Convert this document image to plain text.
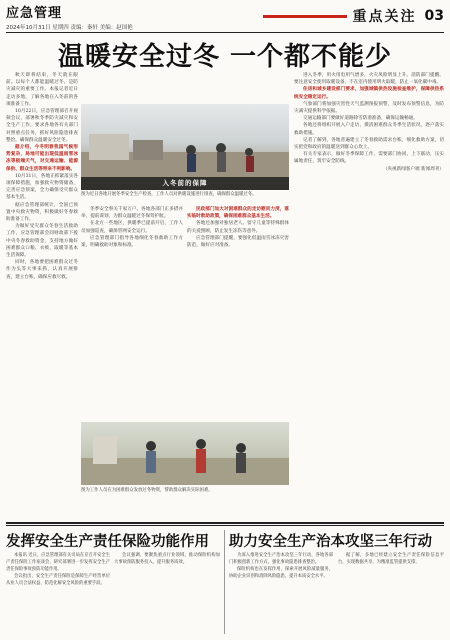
应急管理
2024年10月31日 星期四 责编：秦轩 美编：赵国艳
重点关注 03
温暖安全过冬 一个都不能少

秋天即将结束，冬天就在眼前。以每个人都能温暖过冬，是防灾减灾的重要工作。本报记者近日走访多地，了解各地在入冬前的各项准备工作。

10月22日，应急管理部召开视频会议，部署秋冬季防灾减灾和安全生产工作，要求各地各有关部门对照重点任务，抓好风险隐患排查整治，确保群众温暖安全过冬。

据介绍，今冬明春我国气候形势复杂，局地可能出现低温雨雪冰冻等极端天气，对交通运输、能源保供、群众生活等带来不利影响。

10月31日，各地正抓紧落实各项保障措施，加强救灾物资储备，完善应急预案，全力确保受灾群众基本生活。

据应急管理部统计，全国已预置中央救灾物资，积极做好冬春救助准备工作。

为做好受灾群众冬春生活救助工作，应急管理部会同财政部下拨中央冬春救助资金，支持地方做好困难群众口粮、衣被、取暖等基本生活保障。

同时，各地要把困难群众过冬作为头等大事来抓，认真开展排查，建立台账，确保应救尽救。

入冬前的保障
图为近日各地开展冬季安全生产检查，工作人员对供暖设施进行排查，确保群众温暖过冬。

冬季安全事关千家万户。各地各部门正多措并举，提前谋划，为群众温暖过冬保驾护航。

在北方一些地区，供暖季已提前开启，工作人员加强巡查，确保管网安全运行。

应急管理部门指导各地细化冬春救助工作方案，明确救助对象和标准。

民政部门加大对困难群众的走访慰问力度，落实临时救助政策，确保困难群众基本生活。

各地还加强对独居老人、留守儿童等特殊群体的关爱照顾，防止发生冻伤等意外。

应急管理部门提醒，要强化低温雨雪冰冻灾害防范，做好应对准备。

图为工作人员在为困难群众发放过冬物资，帮助群众解决实际困难。

进入冬季，用火用电用气增多，火灾风险明显上升。消防部门提醒，要注意安全使用取暖设备，不在室内使用明火取暖，防止一氧化碳中毒。

住房和城乡建设部门要求，加强城镇供热设施检查维护，保障供热系统安全稳定运行。

气象部门将加强灾害性天气监测预报预警，及时发布预警信息，为防灾减灾提供科学依据。

交通运输部门要做好道路除雪防滑准备，确保运输畅通。

各地还将组织开展入户走访，摸清困难群众冬季生活状况，逐户落实救助措施。

记者了解到，各地普遍建立了冬春救助需求台账，细化救助方案，切实把党和政府的温暖送到群众心坎上。

有关专家表示，做好冬季保障工作，需要部门协同、上下联动，压实属地责任，筑牢安全防线。

（央视新闻客户端 新闻周刊）

发挥安全生产责任保险功能作用 助力安全生产治本攻坚三年行动

本报讯 近日，应急管理部有关司局在京召开安全生产责任保险工作座谈会，研究部署进一步发挥安全生产责任保险事故预防功能作用。

会议指出，安全生产责任保险是保障生产经营单位从业人员合法权益、防范化解安全风险的重要手段。

会议强调，要聚焦重点行业领域，推动保险机构加大事故预防服务投入，提升服务质效。

为深入推进安全生产治本攻坚三年行动，各地各部门积极创新工作方式，强化事故隐患排查整治。

保险机构也在发挥作用，探索开展风险减量服务，协助企业识别和消除风险隐患，提升本质安全水平。

据了解，多地已经建立安全生产责任保险信息平台，实现数据共享，为精准监管提供支撑。
